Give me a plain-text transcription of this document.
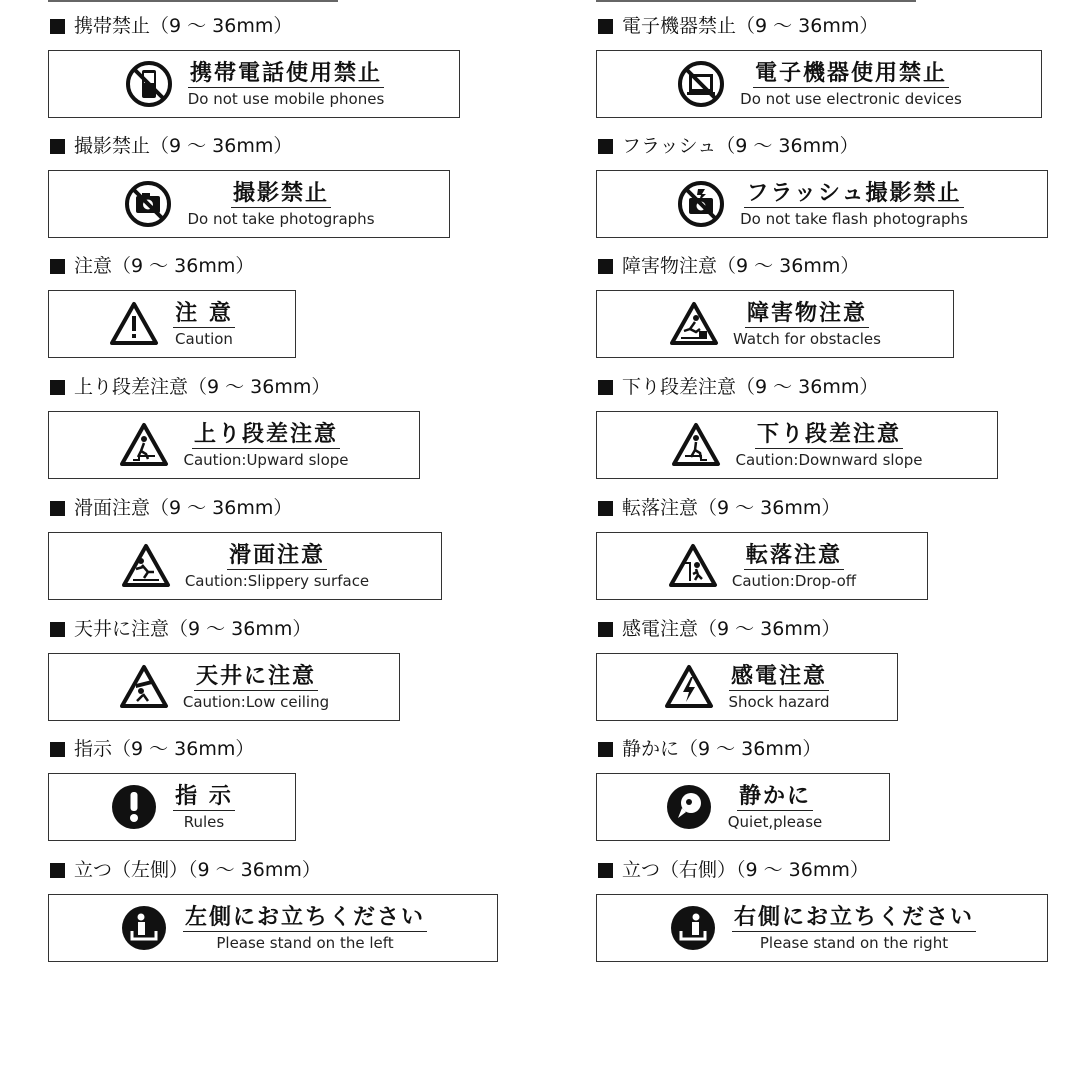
携帯禁止（9 ～ 36mm）
携帯電話使用禁止
Do not use mobile phones
撮影禁止（9 ～ 36mm）
撮影禁止
Do not take photographs
注意（9 ～ 36mm）
注 意
Caution
上り段差注意（9 ～ 36mm）
上り段差注意
Caution:Upward slope
滑面注意（9 ～ 36mm）
滑面注意
Caution:Slippery surface
天井に注意（9 ～ 36mm）
天井に注意
Caution:Low ceiling
指示（9 ～ 36mm）
指 示
Rules
立つ（左側）（9 ～ 36mm）
左側にお立ちください
Please stand on the left
電子機器禁止（9 ～ 36mm）
電子機器使用禁止
Do not use electronic devices
フラッシュ（9 ～ 36mm）
フラッシュ撮影禁止
Do not take flash photographs
障害物注意（9 ～ 36mm）
障害物注意
Watch for obstacles
下り段差注意（9 ～ 36mm）
下り段差注意
Caution:Downward slope
転落注意（9 ～ 36mm）
転落注意
Caution:Drop-off
感電注意（9 ～ 36mm）
感電注意
Shock hazard
静かに（9 ～ 36mm）
静かに
Quiet,please
立つ（右側）（9 ～ 36mm）
右側にお立ちください
Please stand on the right
